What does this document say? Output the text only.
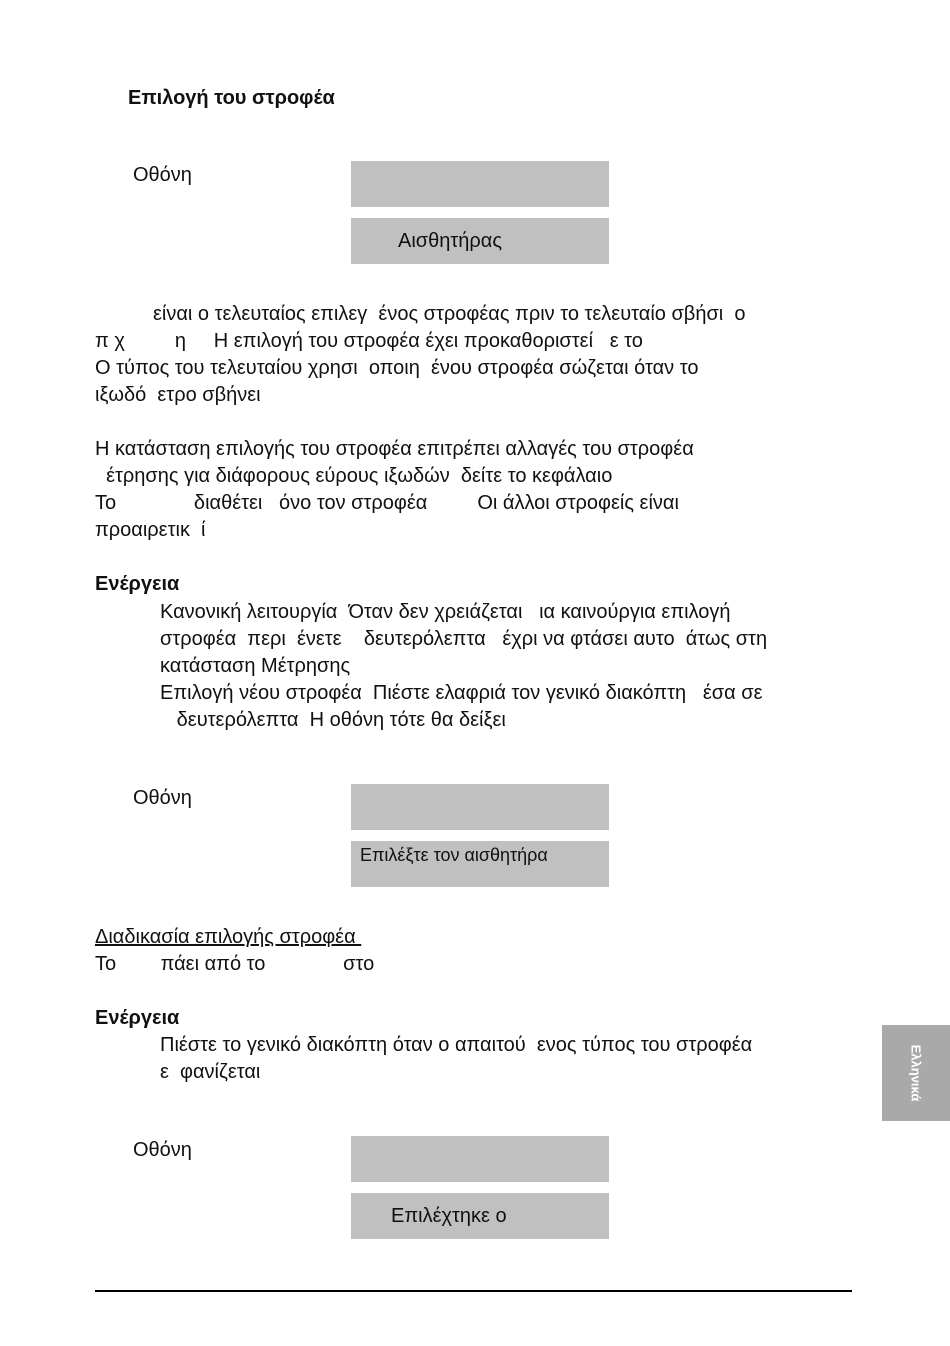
Επιλογή του στροφέα
Οθόνη
Αισθητήρας
είναι ο τελευταίος επιλεγ  ένος στροφέας πριν το τελευταίο σβήσι  ο
π χ         η     Η επιλογή του στροφέα έχει προκαθοριστεί   ε το
Ο τύπος του τελευταίου χρησι  οποιη  ένου στροφέα σώζεται όταν το
ιξωδό  ετρο σβήνει
Η κατάσταση επιλογής του στροφέα επιτρέπει αλλαγές του στροφέα
έτρησης για διάφορους εύρους ιξωδών  δείτε το κεφάλαιο
Το              διαθέτει   όνο τον στροφέα         Οι άλλοι στροφείς είναι
προαιρετικ  ί
Ενέργεια
Κανονική λειτουργία  Όταν δεν χρειάζεται   ια καινούργια επιλογή
στροφέα  περι  ένετε    δευτερόλεπτα   έχρι να φτάσει αυτο  άτως στη
κατάσταση Μέτρησης
Επιλογή νέου στροφέα  Πιέστε ελαφριά τον γενικό διακόπτη   έσα σε
δευτερόλεπτα  Η οθόνη τότε θα δείξει
Οθόνη
Επιλέξτε τον αισθητήρα
Διαδικασία επιλογής στροφέα
Το        πάει από το              στο
Ενέργεια
Πιέστε το γενικό διακόπτη όταν ο απαιτού  ενος τύπος του στροφέα
ε  φανίζεται
Οθόνη
Επιλέχτηκε ο
Ελληνικά
